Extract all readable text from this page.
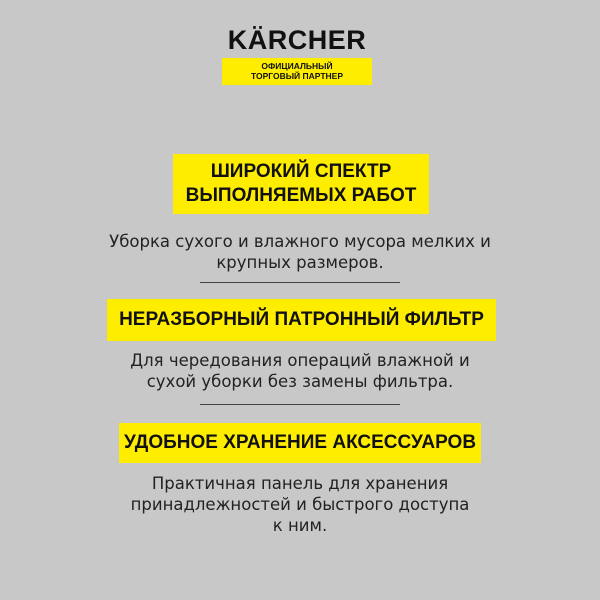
KÄRCHER
ОФИЦИАЛЬНЫЙ
ТОРГОВЫЙ ПАРТНЕР
ШИРОКИЙ СПЕКТР
ВЫПОЛНЯЕМЫХ РАБОТ
Уборка сухого и влажного мусора мелких и
крупных размеров.
НЕРАЗБОРНЫЙ ПАТРОННЫЙ ФИЛЬТР
Для чередования операций влажной и
сухой уборки без замены фильтра.
УДОБНОЕ ХРАНЕНИЕ АКСЕССУАРОВ
Практичная панель для хранения
принадлежностей и быстрого доступа
к ним.
